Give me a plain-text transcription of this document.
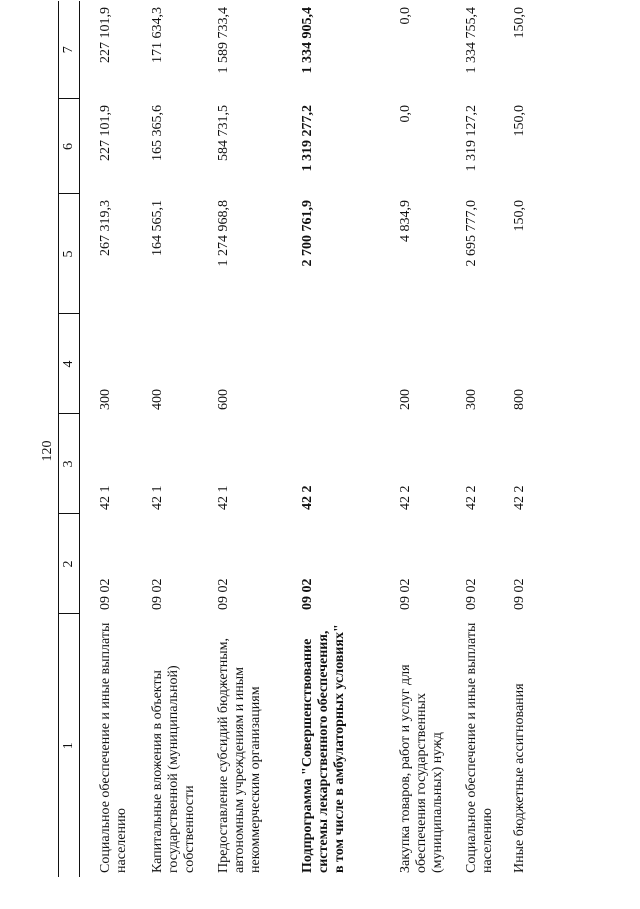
120
1	2	3	4	5	6	7
Социальное обеспечение и иные выплаты населению	09 02	42 1	300	267 319,3	227 101,9	227 101,9
Капитальные вложения в объекты государственной (муниципальной) собственности	09 02	42 1	400	164 565,1	165 365,6	171 634,3
Предоставление субсидий бюджетным, автономным учреждениям и иным некоммерческим организациям	09 02	42 1	600	1 274 968,8	584 731,5	1 589 733,4
Подпрограмма "Совершенствование системы лекарственного обеспечения, в том числе в амбулаторных условиях"	09 02	42 2		2 700 761,9	1 319 277,2	1 334 905,4
Закупка товаров, работ и услуг для обеспечения государственных (муниципальных) нужд	09 02	42 2	200	4 834,9	0,0	0,0
Социальное обеспечение и иные выплаты населению	09 02	42 2	300	2 695 777,0	1 319 127,2	1 334 755,4
Иные бюджетные ассигнования	09 02	42 2	800	150,0	150,0	150,0
